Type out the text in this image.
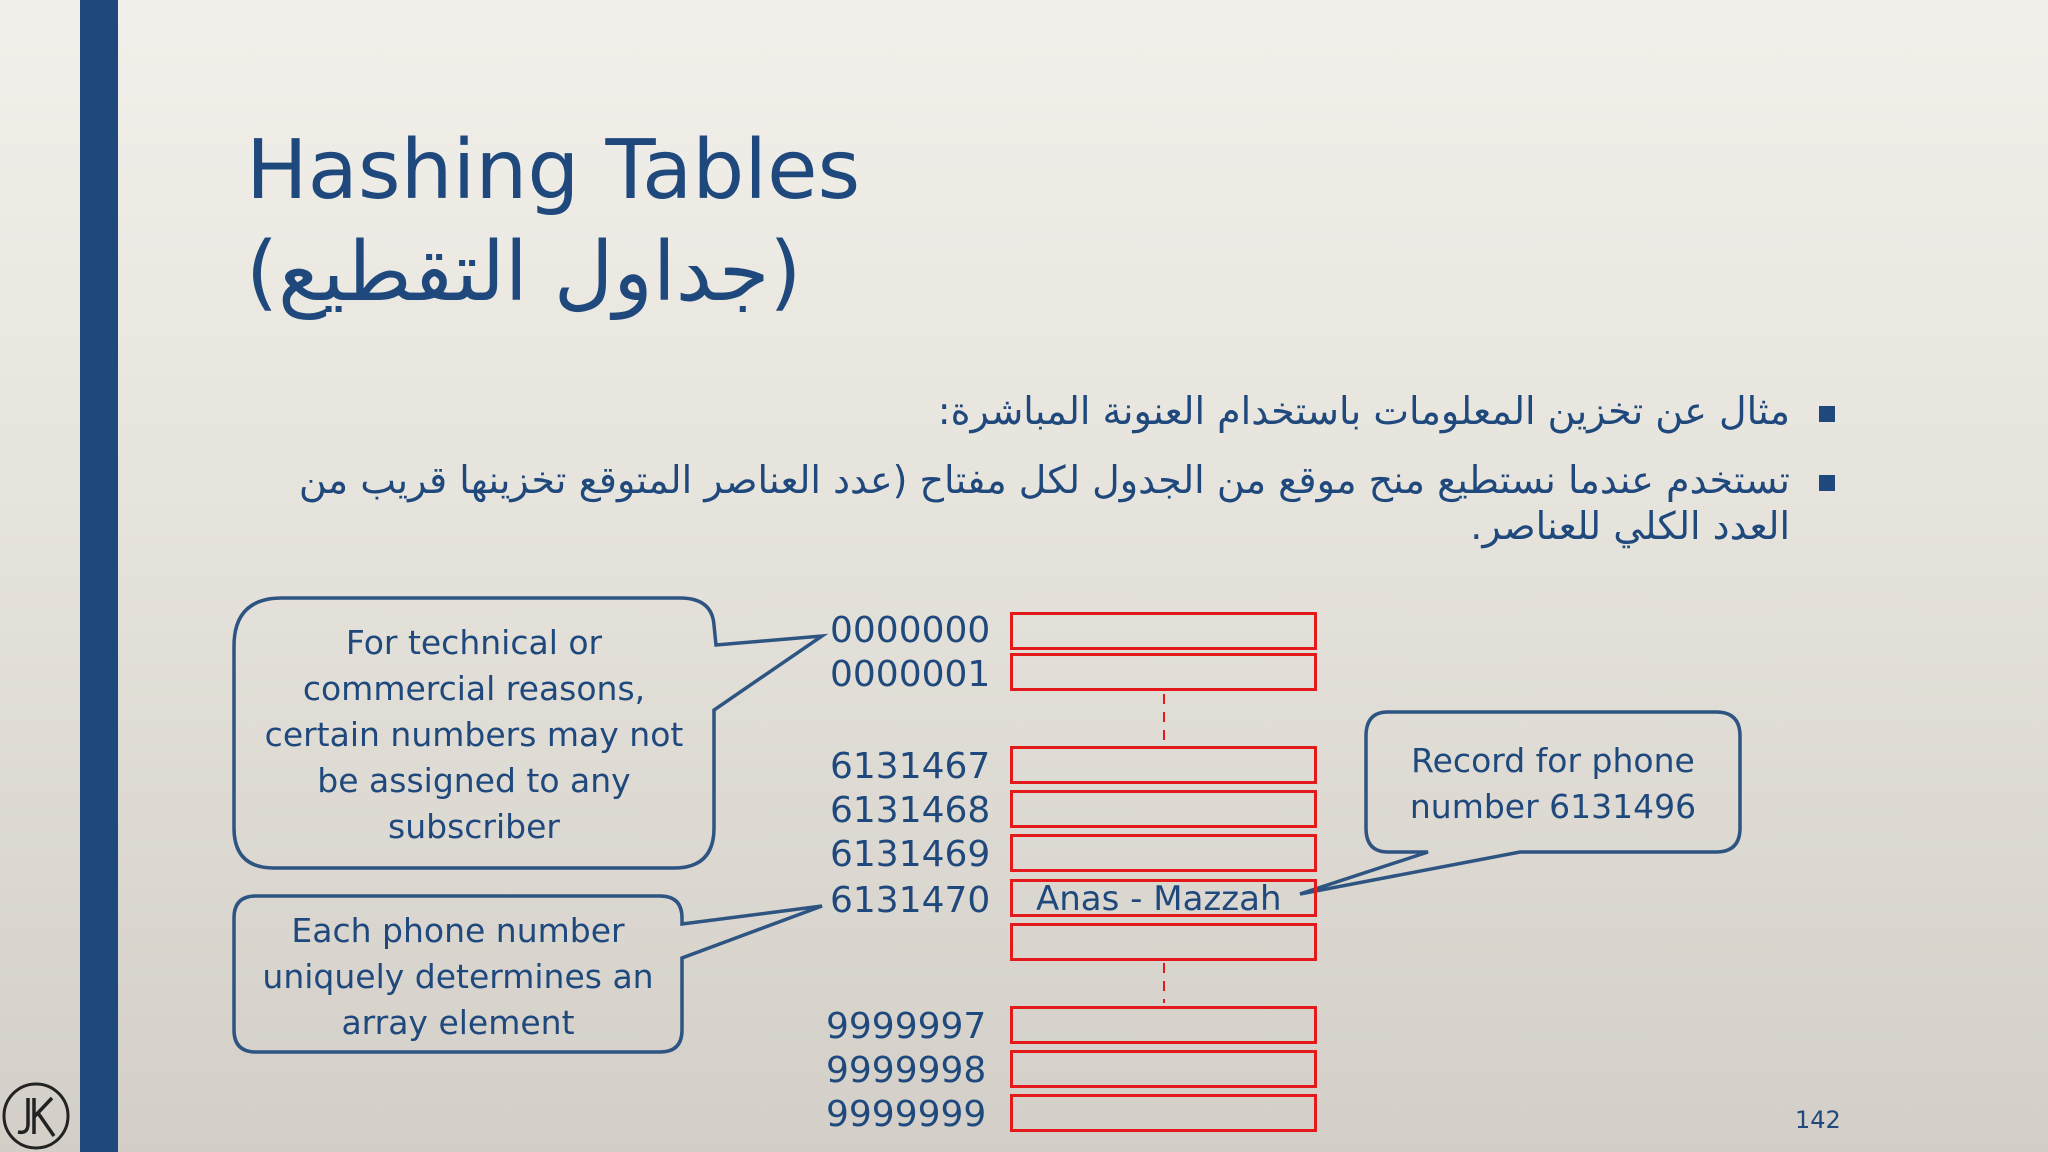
Hashing Tables
(جداول التقطيع)
مثال عن تخزين المعلومات باستخدام العنونة المباشرة:
تستخدم عندما نستطيع منح موقع من الجدول لكل مفتاح (عدد العناصر المتوقع تخزينها قريب من العدد الكلي للعناصر.
0000000
0000001
6131467
6131468
6131469
6131470
9999997
9999998
9999999
Anas - Mazzah
For technical or
commercial reasons,
certain numbers may not
be assigned to any
subscriber
Each phone number
uniquely determines an
array element
Record for phone
number 6131496
142
